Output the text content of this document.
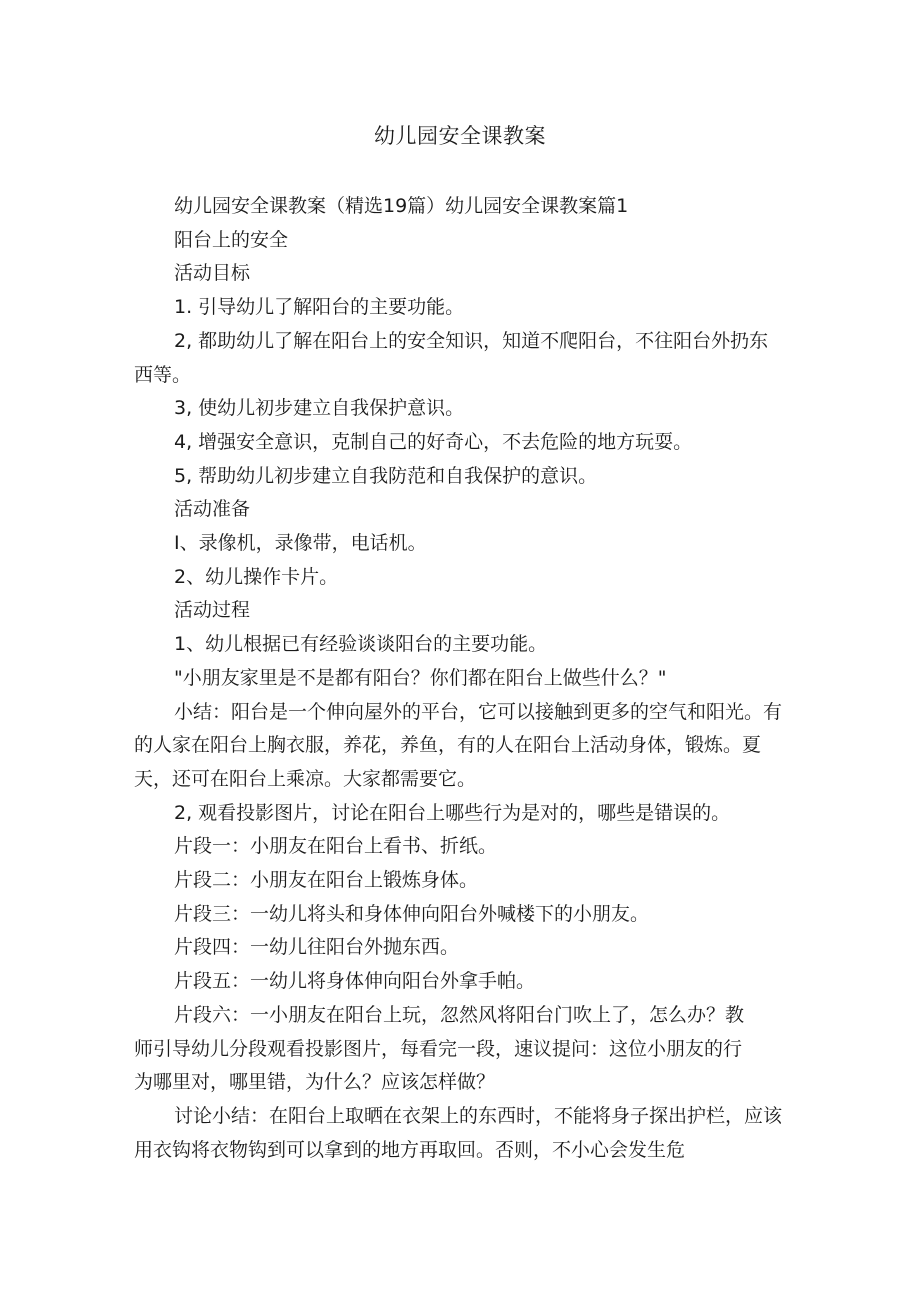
幼儿园安全课教案

幼儿园安全课教案（精选19篇）幼儿园安全课教案篇1

阳台上的安全

活动目标

1. 引导幼儿了解阳台的主要功能。

2, 都助幼儿了解在阳台上的安全知识，知道不爬阳台，不往阳台外扔东西等。

3, 使幼儿初步建立自我保护意识。

4, 增强安全意识，克制自己的好奇心，不去危险的地方玩耍。

5, 帮助幼儿初步建立自我防范和自我保护的意识。

活动准备

I、录像机，录像带，电话机。

2、幼儿操作卡片。

活动过程

1、幼儿根据已有经验谈谈阳台的主要功能。

"小朋友家里是不是都有阳台？你们都在阳台上做些什么？"

小结：阳台是一个伸向屋外的平台，它可以接触到更多的空气和阳光。有的人家在阳台上胸衣服，养花，养鱼，有的人在阳台上活动身体，锻炼。夏天，还可在阳台上乘凉。大家都需要它。

2, 观看投影图片，讨论在阳台上哪些行为是对的，哪些是错误的。

片段一：小朋友在阳台上看书、折纸。

片段二：小朋友在阳台上锻炼身体。

片段三：一幼儿将头和身体伸向阳台外喊楼下的小朋友。

片段四：一幼儿往阳台外抛东西。

片段五：一幼儿将身体伸向阳台外拿手帕。

片段六：一小朋友在阳台上玩，忽然风将阳台门吹上了，怎么办？教师引导幼儿分段观看投影图片，每看完一段，速议提问：这位小朋友的行为哪里对，哪里错，为什么？应该怎样做？

讨论小结：在阳台上取晒在衣架上的东西时，不能将身子探出护栏，应该用衣钩将衣物钩到可以拿到的地方再取回。否则，不小心会发生危
